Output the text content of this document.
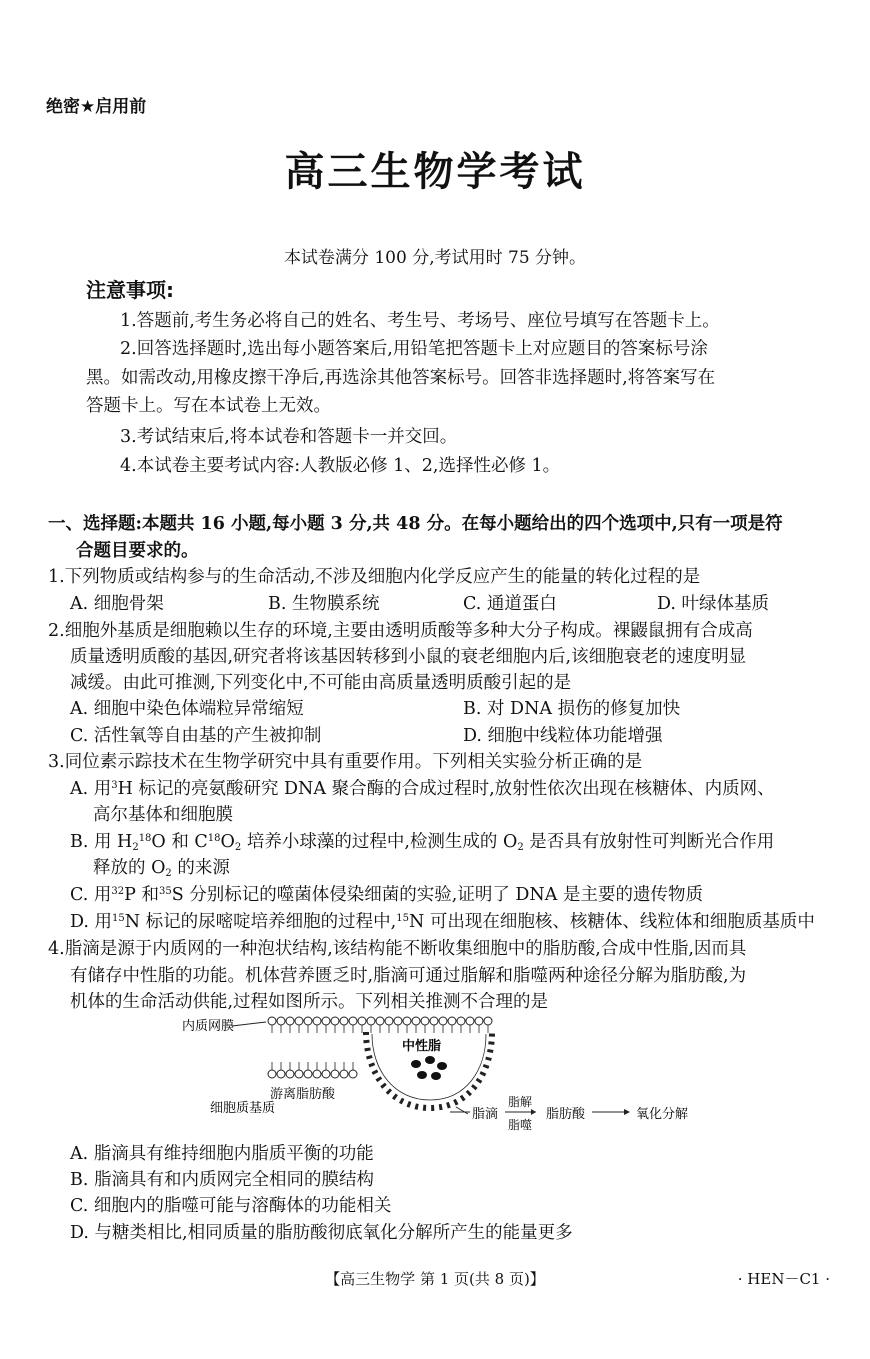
绝密★启用前
高三生物学考试
本试卷满分 100 分,考试用时 75 分钟。
注意事项:
1.答题前,考生务必将自己的姓名、考生号、考场号、座位号填写在答题卡上。
2.回答选择题时,选出每小题答案后,用铅笔把答题卡上对应题目的答案标号涂
黑。如需改动,用橡皮擦干净后,再选涂其他答案标号。回答非选择题时,将答案写在
答题卡上。写在本试卷上无效。
3.考试结束后,将本试卷和答题卡一并交回。
4.本试卷主要考试内容:人教版必修 1、2,选择性必修 1。
一、选择题:本题共 16 小题,每小题 3 分,共 48 分。在每小题给出的四个选项中,只有一项是符
合题目要求的。
1.下列物质或结构参与的生命活动,不涉及细胞内化学反应产生的能量的转化过程的是
A. 细胞骨架	B. 生物膜系统	C. 通道蛋白	D. 叶绿体基质
2.细胞外基质是细胞赖以生存的环境,主要由透明质酸等多种大分子构成。裸鼹鼠拥有合成高
质量透明质酸的基因,研究者将该基因转移到小鼠的衰老细胞内后,该细胞衰老的速度明显
减缓。由此可推测,下列变化中,不可能由高质量透明质酸引起的是
A. 细胞中染色体端粒异常缩短	B. 对 DNA 损伤的修复加快
C. 活性氧等自由基的产生被抑制	D. 细胞中线粒体功能增强
3.同位素示踪技术在生物学研究中具有重要作用。下列相关实验分析正确的是
A. 用$^3$H 标记的亮氨酸研究 DNA 聚合酶的合成过程时,放射性依次出现在核糖体、内质网、
高尔基体和细胞膜
B. 用 $H_2^{18}O$ 和 $C^{18}O_2$ 培养小球藻的过程中,检测生成的 $O_2$ 是否具有放射性可判断光合作用
释放的 $O_2$ 的来源
C. 用$^{32}$P 和$^{35}$S 分别标记的噬菌体侵染细菌的实验,证明了 DNA 是主要的遗传物质
D. 用$^{15}$N 标记的尿嘧啶培养细胞的过程中,$^{15}$N 可出现在细胞核、核糖体、线粒体和细胞质基质中
4.脂滴是源于内质网的一种泡状结构,该结构能不断收集细胞中的脂肪酸,合成中性脂,因而具
有储存中性脂的功能。机体营养匮乏时,脂滴可通过脂解和脂噬两种途径分解为脂肪酸,为
机体的生命活动供能,过程如图所示。下列相关推测不合理的是
内质网膜
中性脂
游离脂肪酸
细胞质基质	脂滴
脂解
脂噬
脂肪酸	氧化分解
A. 脂滴具有维持细胞内脂质平衡的功能
B. 脂滴具有和内质网完全相同的膜结构
C. 细胞内的脂噬可能与溶酶体的功能相关
D. 与糖类相比,相同质量的脂肪酸彻底氧化分解所产生的能量更多
【高三生物学 第 1 页(共 8 页)】	· HEN－C1 ·
